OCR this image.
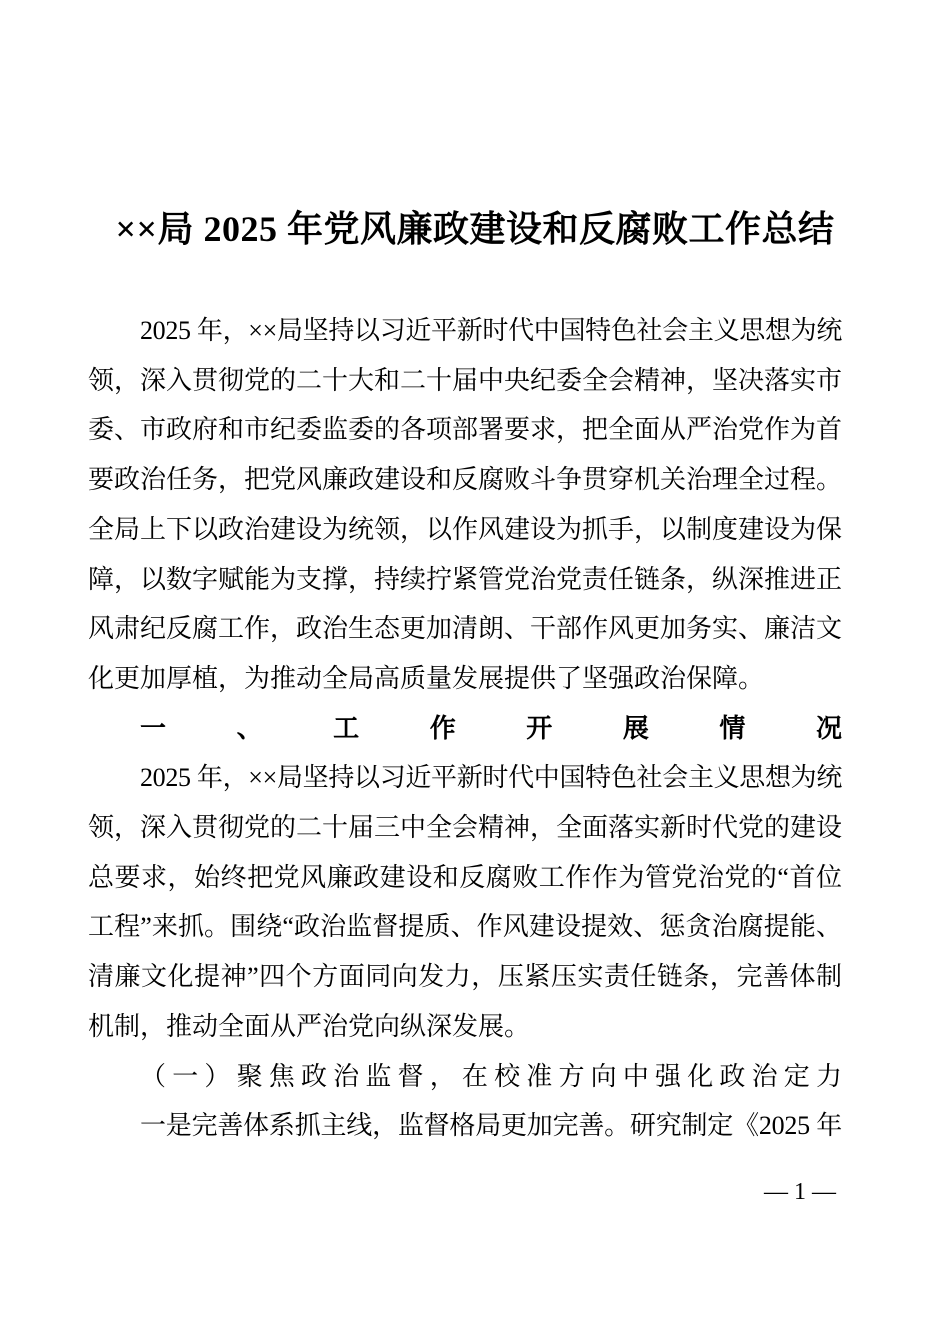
××局 2025 年党风廉政建设和反腐败工作总结
2025 年，××局坚持以习近平新时代中国特色社会主义思想为统
领，深入贯彻党的二十大和二十届中央纪委全会精神，坚决落实市
委、市政府和市纪委监委的各项部署要求，把全面从严治党作为首
要政治任务，把党风廉政建设和反腐败斗争贯穿机关治理全过程。
全局上下以政治建设为统领，以作风建设为抓手，以制度建设为保
障，以数字赋能为支撑，持续拧紧管党治党责任链条，纵深推进正
风肃纪反腐工作，政治生态更加清朗、干部作风更加务实、廉洁文
化更加厚植，为推动全局高质量发展提供了坚强政治保障。
一、工作开展情况
2025 年，××局坚持以习近平新时代中国特色社会主义思想为统
领，深入贯彻党的二十届三中全会精神，全面落实新时代党的建设
总要求，始终把党风廉政建设和反腐败工作作为管党治党的“首位
工程”来抓。围绕“政治监督提质、作风建设提效、惩贪治腐提能、
清廉文化提神”四个方面同向发力，压紧压实责任链条，完善体制
机制，推动全面从严治党向纵深发展。
（一）聚焦政治监督，在校准方向中强化政治定力
一是完善体系抓主线，监督格局更加完善。研究制定《2025 年
— 1 —
